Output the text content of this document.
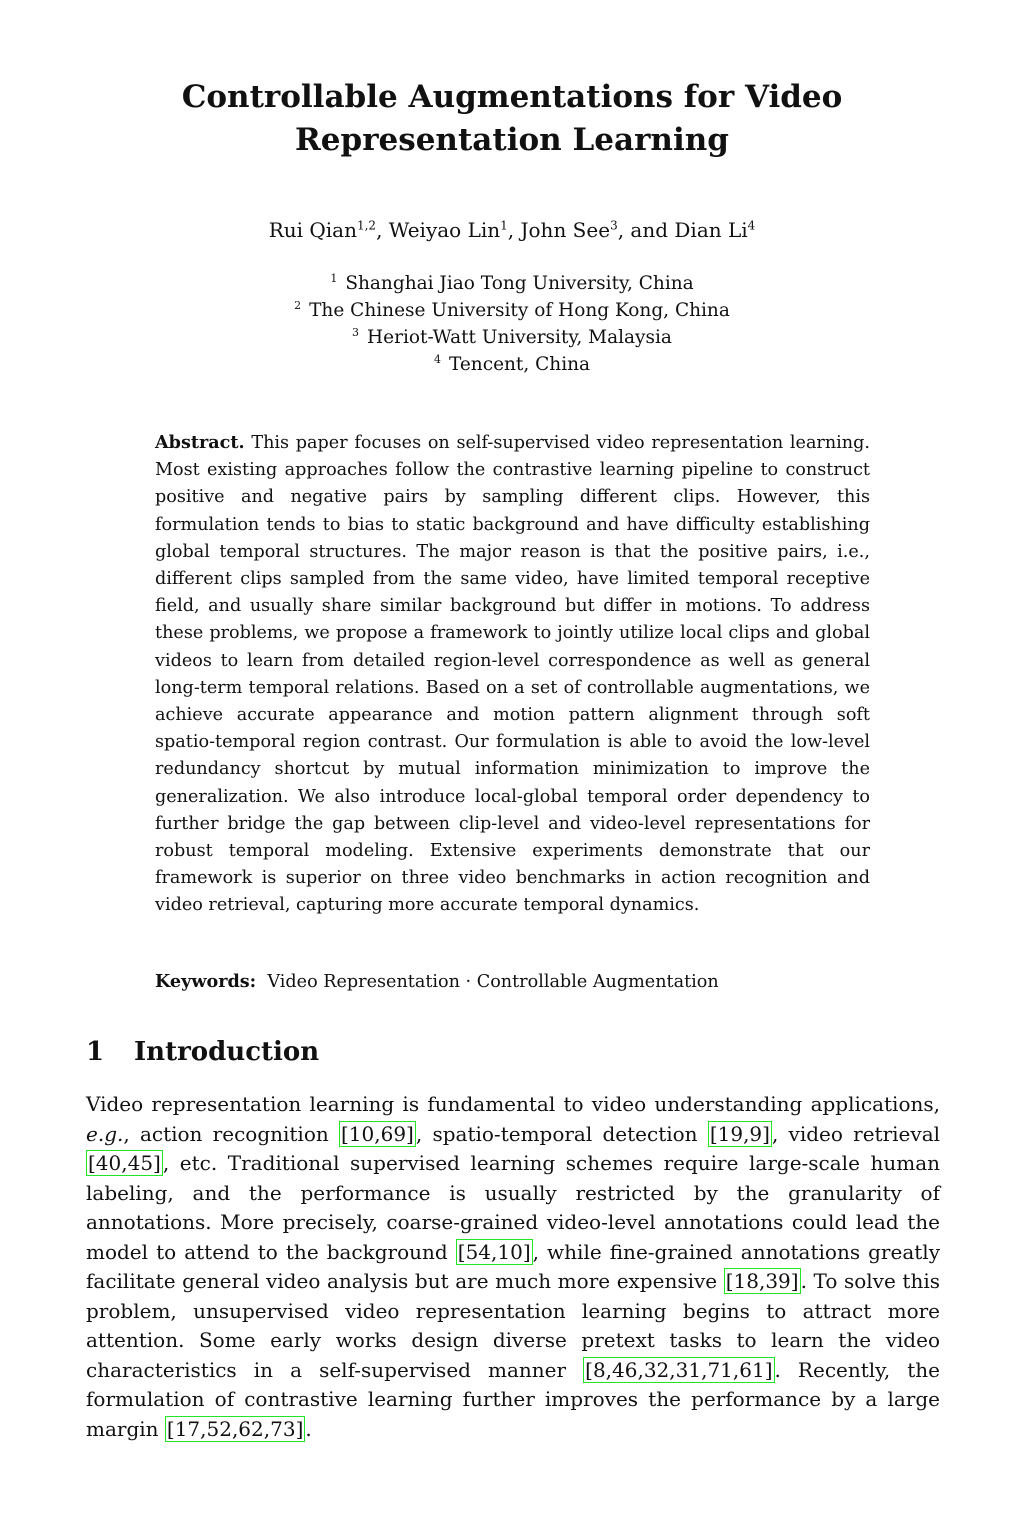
Controllable Augmentations for Video
Representation Learning
Rui Qian$^{1,2}$, Weiyao Lin$^1$, John See$^3$, and Dian Li$^4$
$^1$ Shanghai Jiao Tong University, China
$^2$ The Chinese University of Hong Kong, China
$^3$ Heriot-Watt University, Malaysia
$^4$ Tencent, China

Abstract. This paper focuses on self-supervised video representation learning. Most existing approaches follow the contrastive learning pipeline to construct positive and negative pairs by sampling different clips. However, this formulation tends to bias to static background and have difficulty establishing global temporal structures. The major reason is that the positive pairs, i.e., different clips sampled from the same video, have limited temporal receptive field, and usually share similar background but differ in motions. To address these problems, we propose a framework to jointly utilize local clips and global videos to learn from detailed region-level correspondence as well as general long-term temporal relations. Based on a set of controllable augmentations, we achieve accurate appearance and motion pattern alignment through soft spatio-temporal region contrast. Our formulation is able to avoid the low-level redundancy shortcut by mutual information minimization to improve the generalization. We also introduce local-global temporal order dependency to further bridge the gap between clip-level and video-level representations for robust temporal modeling. Extensive experiments demonstrate that our framework is superior on three video benchmarks in action recognition and video retrieval, capturing more accurate temporal dynamics.

Keywords: Video Representation · Controllable Augmentation

1 Introduction

Video representation learning is fundamental to video understanding applications, e.g., action recognition [10,69] , spatio-temporal detection [19,9] , video retrieval [40,45] , etc. Traditional supervised learning schemes require large-scale human labeling, and the performance is usually restricted by the granularity of annotations. More precisely, coarse-grained video-level annotations could lead the model to attend to the background [54,10] , while fine-grained annotations greatly facilitate general video analysis but are much more expensive [18,39] . To solve this problem, unsupervised video representation learning begins to attract more attention. Some early works design diverse pretext tasks to learn the video characteristics in a self-supervised manner [8,46,32,31,71,61] . Recently, the formulation of contrastive learning further improves the performance by a large margin [17,52,62,73] .
